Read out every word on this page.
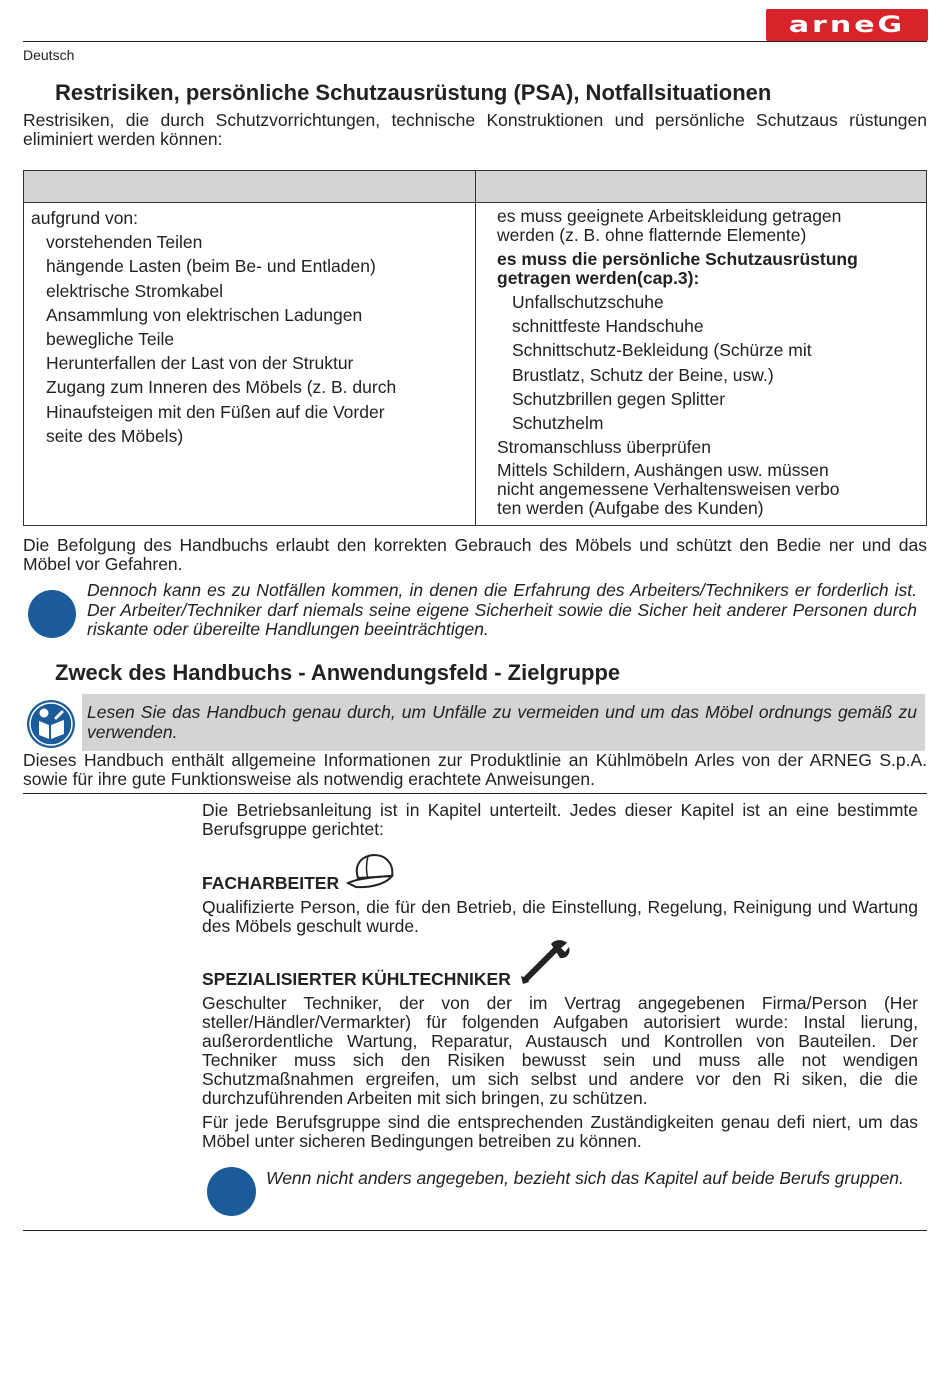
arneG
Deutsch
Restrisiken, persönliche Schutzausrüstung (PSA), Notfallsituationen
Restrisiken, die durch Schutzvorrichtungen, technische Konstruktionen und persönliche Schutzaus rüstungen eliminiert werden können:
aufgrund von:
vorstehenden Teilen
hängende Lasten (beim Be- und Entladen)
elektrische Stromkabel
Ansammlung von elektrischen Ladungen
bewegliche Teile
Herunterfallen der Last von der Struktur
Zugang zum Inneren des Möbels (z. B. durch
Hinaufsteigen mit den Füßen auf die Vorder
seite des Möbels)
es muss geeignete Arbeitskleidung getragen
werden (z. B. ohne flatternde Elemente)
es muss die persönliche Schutzausrüstung
getragen werden(cap.3):
Unfallschutzschuhe
schnittfeste Handschuhe
Schnittschutz-Bekleidung (Schürze mit
Brustlatz, Schutz der Beine, usw.)
Schutzbrillen gegen Splitter
Schutzhelm
Stromanschluss überprüfen
Mittels Schildern, Aushängen usw. müssen
nicht angemessene Verhaltensweisen verbo
ten werden (Aufgabe des Kunden)
Die Befolgung des Handbuchs erlaubt den korrekten Gebrauch des Möbels und schützt den Bedie ner und das Möbel vor Gefahren.
Dennoch kann es zu Notfällen kommen, in denen die Erfahrung des Arbeiters/Technikers er forderlich ist. Der Arbeiter/Techniker darf niemals seine eigene Sicherheit sowie die Sicher heit anderer Personen durch riskante oder übereilte Handlungen beeinträchtigen.
Zweck des Handbuchs - Anwendungsfeld - Zielgruppe
Lesen Sie das Handbuch genau durch, um Unfälle zu vermeiden und um das Möbel ordnungs gemäß zu verwenden.
Dieses Handbuch enthält allgemeine Informationen zur Produktlinie an Kühlmöbeln Arles von der ARNEG S.p.A. sowie für ihre gute Funktionsweise als notwendig erachtete Anweisungen.
Die Betriebsanleitung ist in Kapitel unterteilt. Jedes dieser Kapitel ist an eine bestimmte Berufsgruppe gerichtet:
FACHARBEITER
Qualifizierte Person, die für den Betrieb, die Einstellung, Regelung, Reinigung und Wartung des Möbels geschult wurde.
SPEZIALISIERTER KÜHLTECHNIKER
Geschulter Techniker, der von der im Vertrag angegebenen Firma/Person (Her steller/Händler/Vermarkter) für folgenden Aufgaben autorisiert wurde: Instal lierung, außerordentliche Wartung, Reparatur, Austausch und Kontrollen von Bauteilen. Der Techniker muss sich den Risiken bewusst sein und muss alle not wendigen Schutzmaßnahmen ergreifen, um sich selbst und andere vor den Ri siken, die die durchzuführenden Arbeiten mit sich bringen, zu schützen.
Für jede Berufsgruppe sind die entsprechenden Zuständigkeiten genau defi niert, um das Möbel unter sicheren Bedingungen betreiben zu können.
Wenn nicht anders angegeben, bezieht sich das Kapitel auf beide Berufs gruppen.
